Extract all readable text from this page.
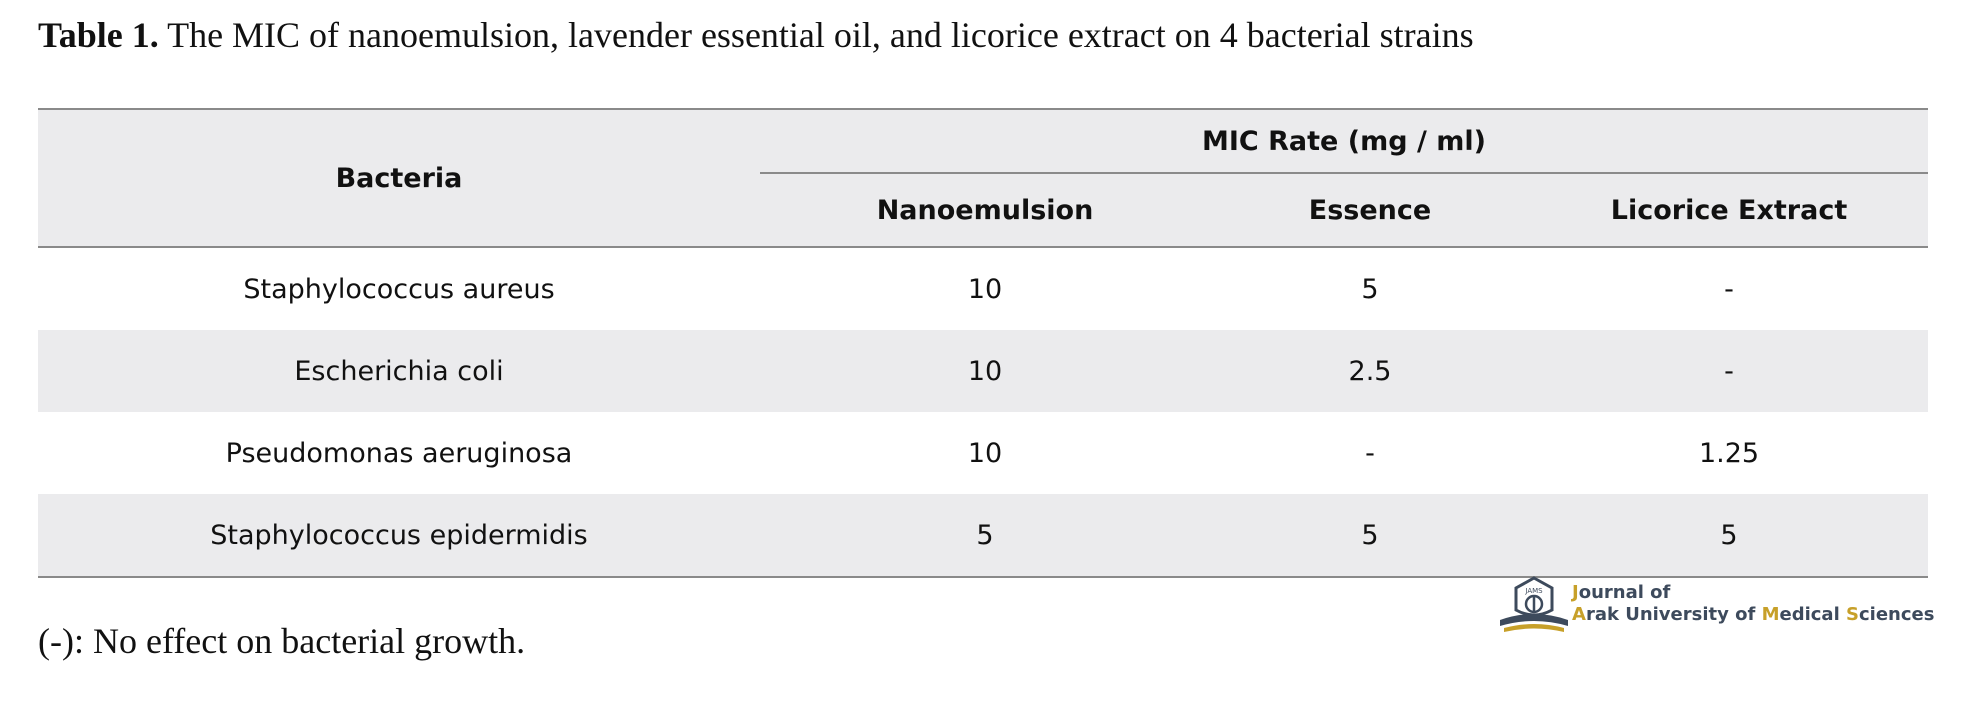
Table 1. The MIC of nanoemulsion, lavender essential oil, and licorice extract on 4 bacterial strains
Bacteria	MIC Rate (mg / ml)		
	Nanoemulsion	Essence	Licorice Extract
Staphylococcus aureus	10	5	-
Escherichia coli	10	2.5	-
Pseudomonas aeruginosa	10	-	1.25
Staphylococcus epidermidis	5	5	5
(-): No effect on bacterial growth.
JAMS Journal of
Arak University of Medical Sciences
